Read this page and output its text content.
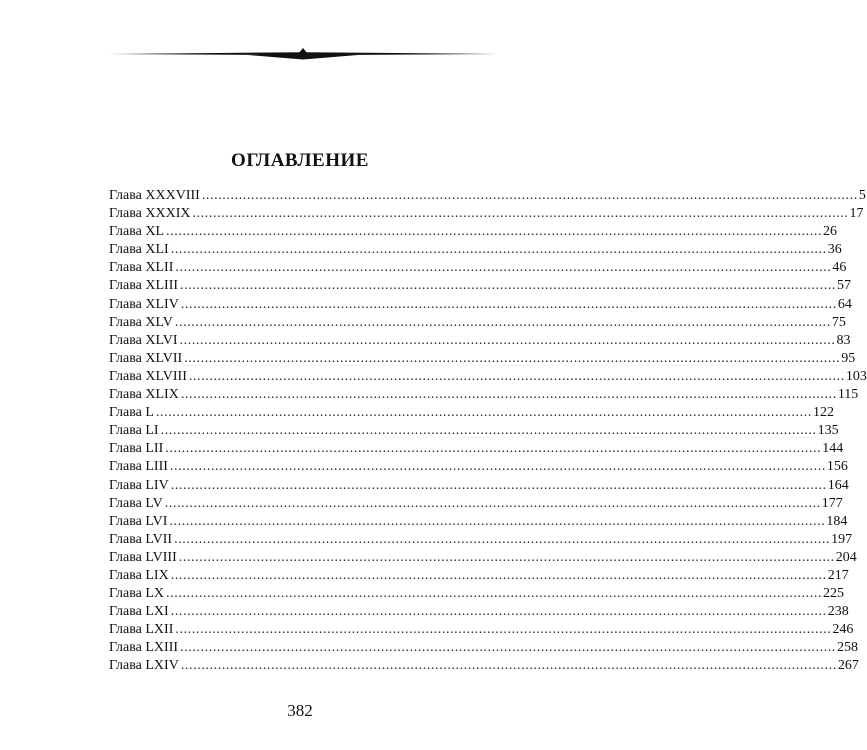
ОГЛАВЛЕНИЕ
Глава XXXVIII ................................................................................................................................................................ 5
Глава XXXIX ................................................................................................................................................................ 17
Глава XL ................................................................................................................................................................ 26
Глава XLI ................................................................................................................................................................ 36
Глава XLII ................................................................................................................................................................ 46
Глава XLIII ................................................................................................................................................................ 57
Глава XLIV ................................................................................................................................................................ 64
Глава XLV ................................................................................................................................................................ 75
Глава XLVI ................................................................................................................................................................ 83
Глава XLVII ................................................................................................................................................................ 95
Глава XLVIII ................................................................................................................................................................ 103
Глава XLIX ................................................................................................................................................................ 115
Глава L ................................................................................................................................................................ 122
Глава LI ................................................................................................................................................................ 135
Глава LII ................................................................................................................................................................ 144
Глава LIII ................................................................................................................................................................ 156
Глава LIV ................................................................................................................................................................ 164
Глава LV ................................................................................................................................................................ 177
Глава LVI ................................................................................................................................................................ 184
Глава LVII ................................................................................................................................................................ 197
Глава LVIII ................................................................................................................................................................ 204
Глава LIX ................................................................................................................................................................ 217
Глава LX ................................................................................................................................................................ 225
Глава LXI ................................................................................................................................................................ 238
Глава LXII ................................................................................................................................................................ 246
Глава LXIII ................................................................................................................................................................ 258
Глава LXIV ................................................................................................................................................................ 267
382
